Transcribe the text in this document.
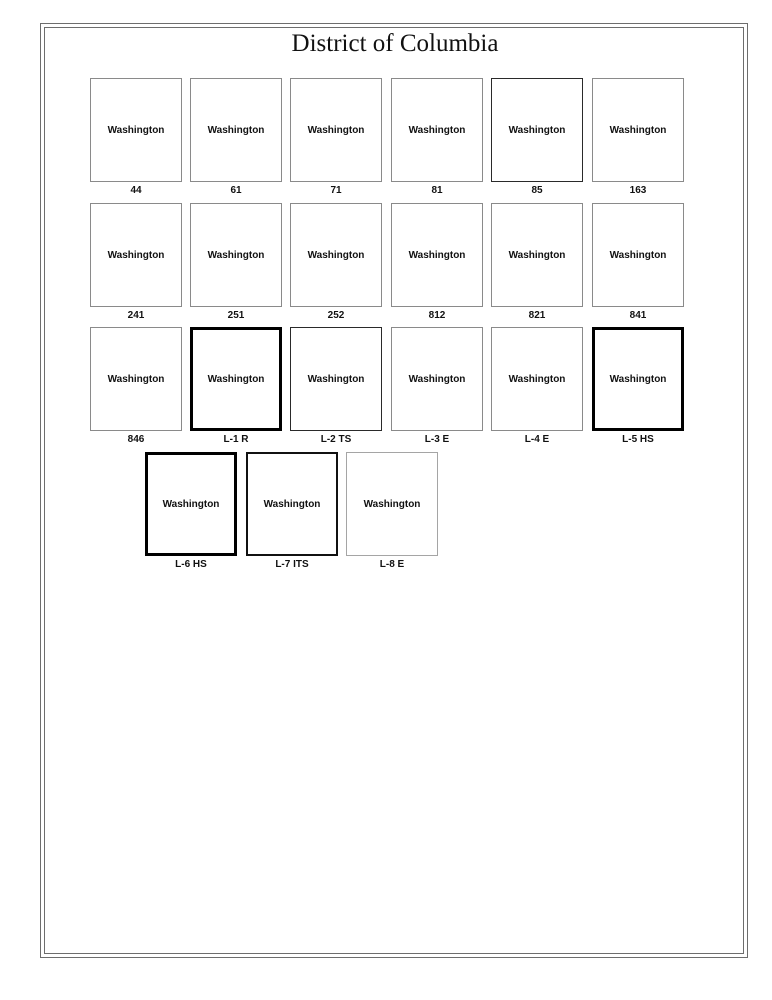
District of Columbia
Washington
44
Washington
61
Washington
71
Washington
81
Washington
85
Washington
163
Washington
241
Washington
251
Washington
252
Washington
812
Washington
821
Washington
841
Washington
846
Washington
L-1 R
Washington
L-2 TS
Washington
L-3 E
Washington
L-4 E
Washington
L-5 HS
Washington
L-6 HS
Washington
L-7 ITS
Washington
L-8 E
